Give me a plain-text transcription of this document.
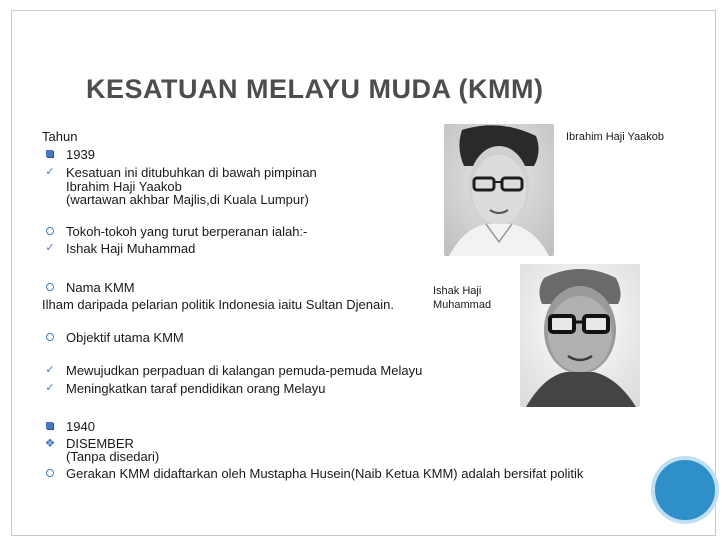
KESATUAN MELAYU MUDA (KMM)
Tahun
1939
✓ Kesatuan ini ditubuhkan di bawah pimpinan
Ibrahim Haji Yaakob
(wartawan akhbar Majlis,di Kuala Lumpur)
Tokoh-tokoh yang turut berperanan ialah:-
✓ Ishak Haji Muhammad
Nama KMM
Ilham daripada pelarian politik Indonesia iaitu Sultan Djenain.
Objektif utama KMM
✓ Mewujudkan perpaduan di kalangan pemuda-pemuda Melayu
✓ Meningkatkan taraf pendidikan orang Melayu
1940
❖ DISEMBER
(Tanpa disedari)
Gerakan KMM didaftarkan oleh Mustapha Husein(Naib Ketua KMM) adalah bersifat politik
Ibrahim Haji Yaakob
Ishak Haji
Muhammad
